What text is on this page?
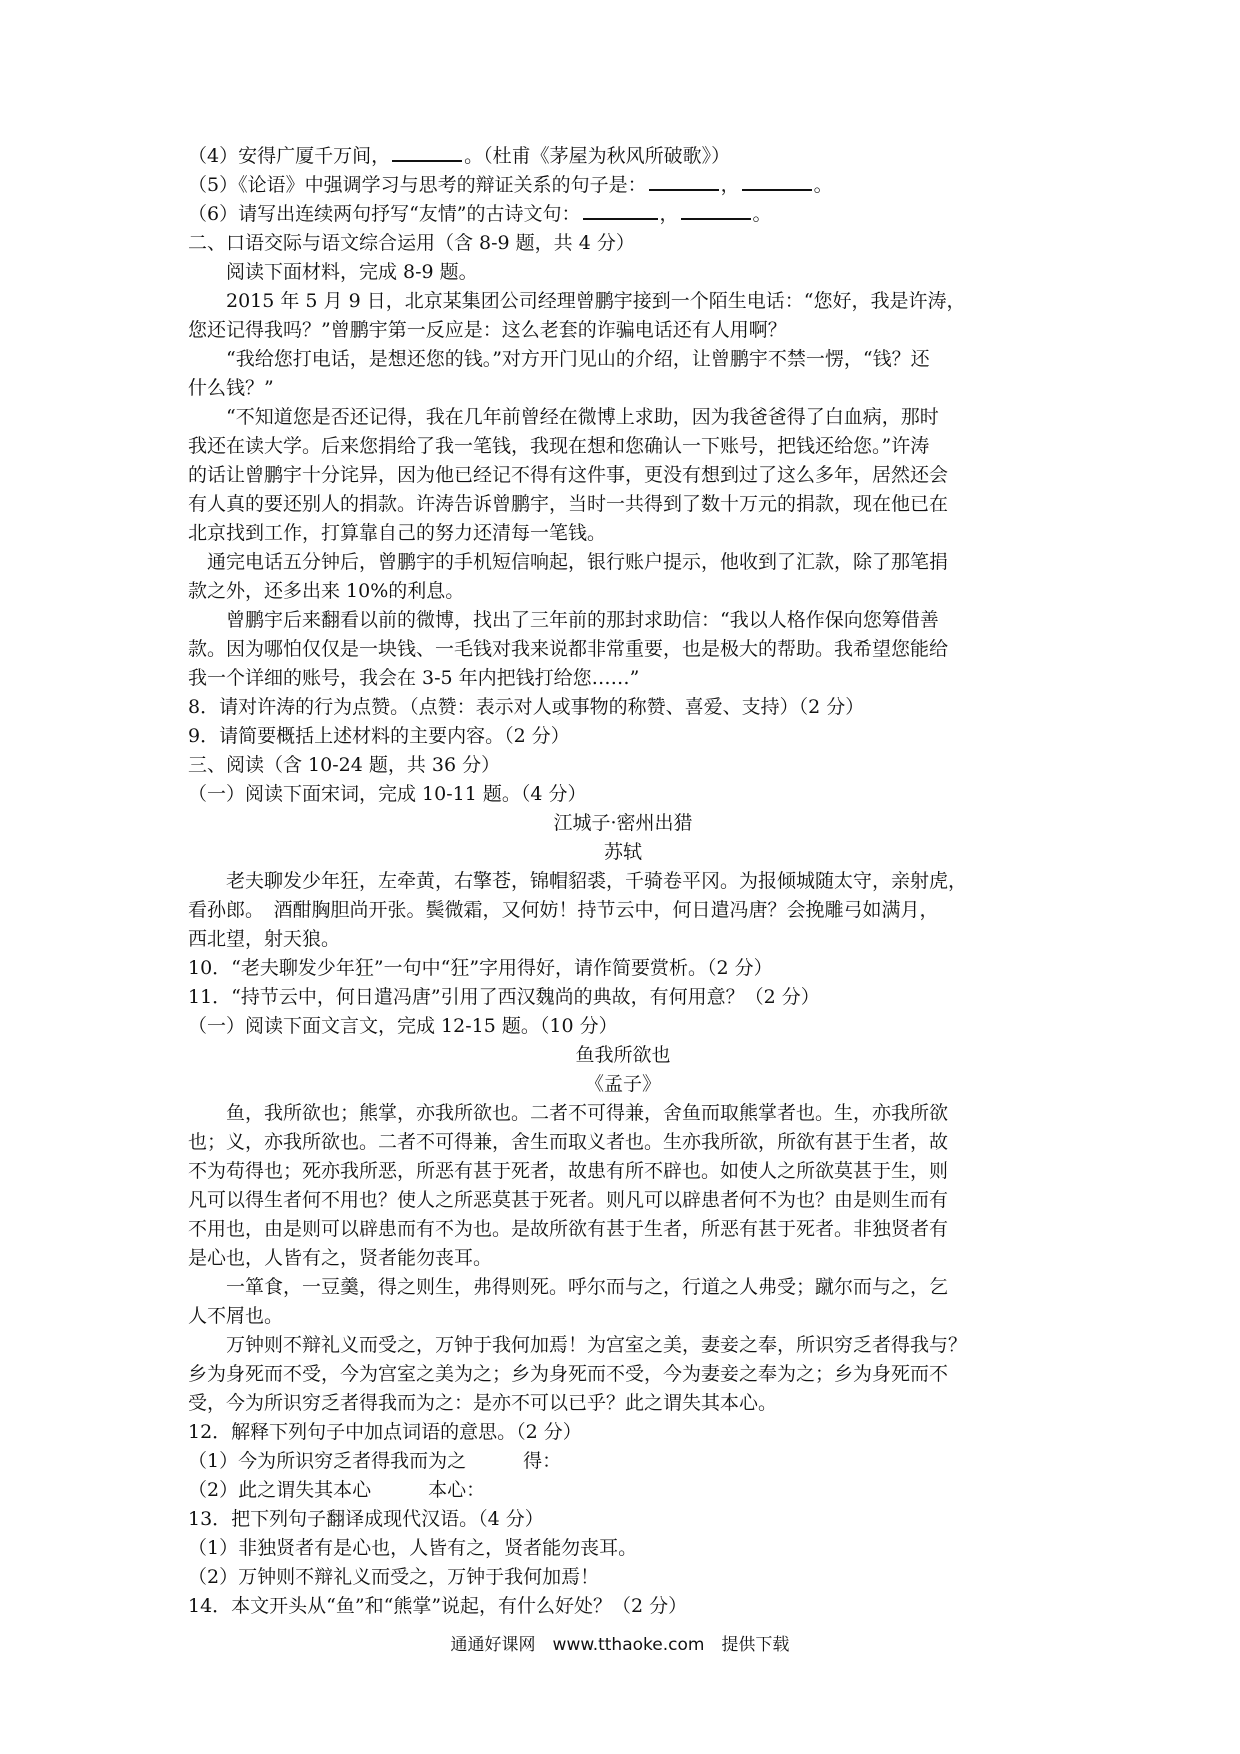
（4）安得广厦千万间，	。（杜甫《茅屋为秋风所破歌》）
（5）《论语》中强调学习与思考的辩证关系的句子是：	，	。
（6）请写出连续两句抒写“友情”的古诗文句：	，	。
二、口语交际与语文综合运用（含 8-9 题，共 4 分）
阅读下面材料，完成 8-9 题。
2015 年 5 月 9 日，北京某集团公司经理曾鹏宇接到一个陌生电话：“您好，我是许涛，
您还记得我吗？”曾鹏宇第一反应是：这么老套的诈骗电话还有人用啊？
“我给您打电话，是想还您的钱。”对方开门见山的介绍，让曾鹏宇不禁一愣，“钱？还
什么钱？”
“不知道您是否还记得，我在几年前曾经在微博上求助，因为我爸爸得了白血病，那时
我还在读大学。后来您捐给了我一笔钱，我现在想和您确认一下账号，把钱还给您。”许涛
的话让曾鹏宇十分诧异，因为他已经记不得有这件事，更没有想到过了这么多年，居然还会
有人真的要还别人的捐款。许涛告诉曾鹏宇，当时一共得到了数十万元的捐款，现在他已在
北京找到工作，打算靠自己的努力还清每一笔钱。
通完电话五分钟后，曾鹏宇的手机短信响起，银行账户提示，他收到了汇款，除了那笔捐
款之外，还多出来 10%的利息。
曾鹏宇后来翻看以前的微博，找出了三年前的那封求助信：“我以人格作保向您筹借善
款。因为哪怕仅仅是一块钱、一毛钱对我来说都非常重要，也是极大的帮助。我希望您能给
我一个详细的账号，我会在 3-5 年内把钱打给您……”
8．请对许涛的行为点赞。（点赞：表示对人或事物的称赞、喜爱、支持）（2 分）
9．请简要概括上述材料的主要内容。（2 分）
三、阅读（含 10-24 题，共 36 分）
（一）阅读下面宋词，完成 10-11 题。（4 分）
江城子·密州出猎
苏轼
老夫聊发少年狂，左牵黄，右擎苍，锦帽貂裘，千骑卷平冈。为报倾城随太守，亲射虎，
看孙郎。　酒酣胸胆尚开张。鬓微霜，又何妨！持节云中，何日遣冯唐？会挽雕弓如满月，
西北望，射天狼。
10．“老夫聊发少年狂”一句中“狂”字用得好，请作简要赏析。（2 分）
11．“持节云中，何日遣冯唐”引用了西汉魏尚的典故，有何用意？（2 分）
（一）阅读下面文言文，完成 12-15 题。（10 分）
鱼我所欲也
《孟子》
鱼，我所欲也；熊掌，亦我所欲也。二者不可得兼，舍鱼而取熊掌者也。生，亦我所欲
也；义，亦我所欲也。二者不可得兼，舍生而取义者也。生亦我所欲，所欲有甚于生者，故
不为苟得也；死亦我所恶，所恶有甚于死者，故患有所不辟也。如使人之所欲莫甚于生，则
凡可以得生者何不用也？使人之所恶莫甚于死者。则凡可以辟患者何不为也？由是则生而有
不用也，由是则可以辟患而有不为也。是故所欲有甚于生者，所恶有甚于死者。非独贤者有
是心也，人皆有之，贤者能勿丧耳。
一箪食，一豆羹，得之则生，弗得则死。呼尔而与之，行道之人弗受；蹴尔而与之，乞
人不屑也。
万钟则不辩礼义而受之，万钟于我何加焉！为宫室之美，妻妾之奉，所识穷乏者得我与？
乡为身死而不受，今为宫室之美为之；乡为身死而不受，今为妻妾之奉为之；乡为身死而不
受，今为所识穷乏者得我而为之：是亦不可以已乎？此之谓失其本心。
12．解释下列句子中加点词语的意思。（2 分）
（1）今为所识穷乏者得我而为之　　　得：
（2）此之谓失其本心　　　本心：
13．把下列句子翻译成现代汉语。（4 分）
（1）非独贤者有是心也，人皆有之，贤者能勿丧耳。
（2）万钟则不辩礼义而受之，万钟于我何加焉！
14．本文开头从“鱼”和“熊掌”说起，有什么好处？（2 分）
通通好课网　www.tthaoke.com　提供下载
